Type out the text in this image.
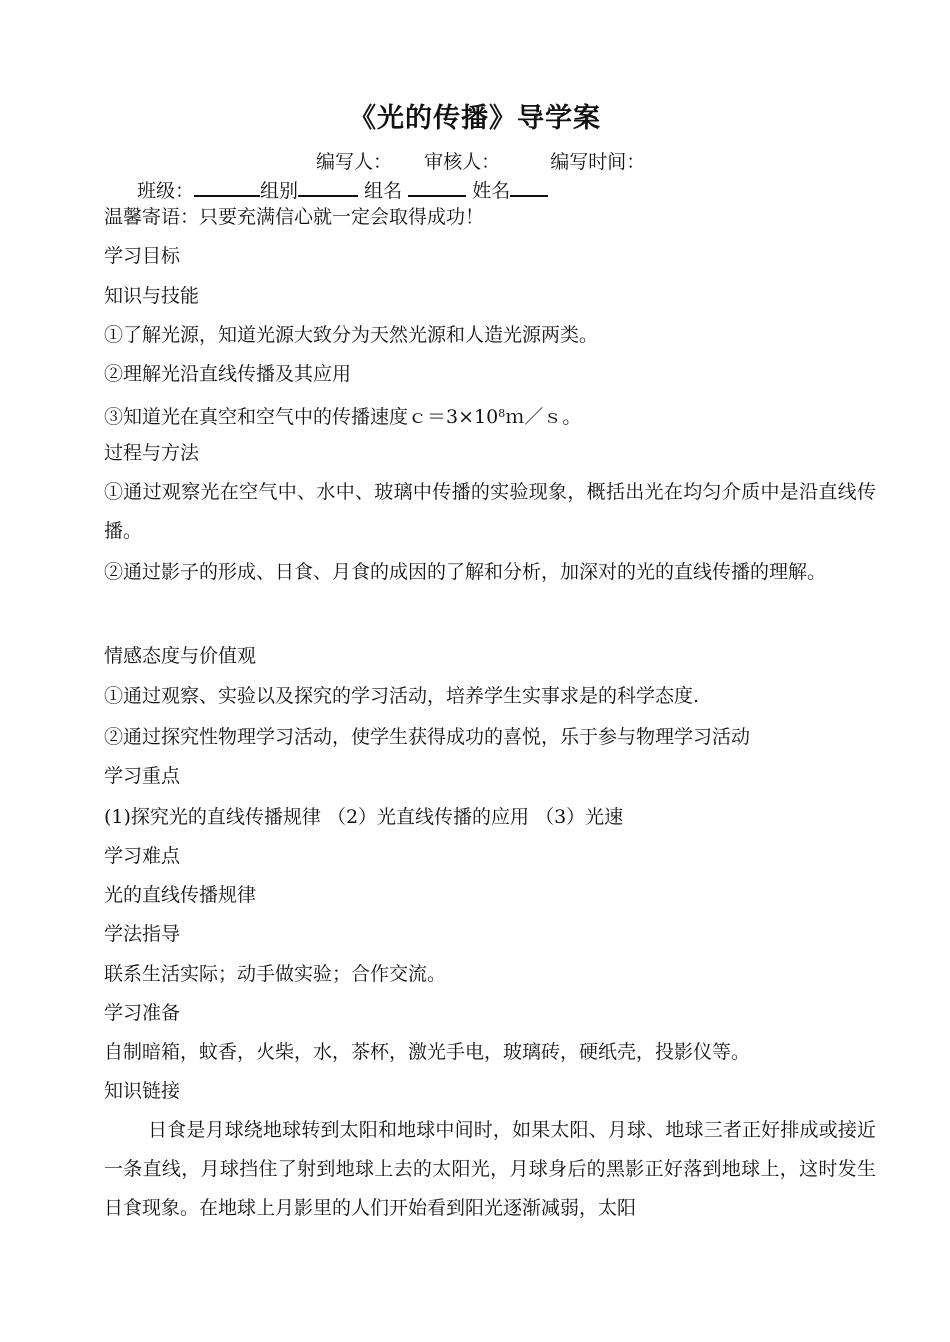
《光的传播》导学案
编写人： 审核人：	编写时间：
班级：	组别	组名	姓名
温馨寄语：只要充满信心就一定会取得成功！
学习目标
知识与技能
①了解光源，知道光源大致分为天然光源和人造光源两类。
②理解光沿直线传播及其应用
③知道光在真空和空气中的传播速度$c=3\times 10^8m/s$。
过程与方法
①通过观察光在空气中、水中、玻璃中传播的实验现象，概括出光在均匀介质中是沿直线传播。
②通过影子的形成、日食、月食的成因的了解和分析，加深对的光的直线传播的理解。
情感态度与价值观
①通过观察、实验以及探究的学习活动，培养学生实事求是的科学态度.
②通过探究性物理学习活动，使学生获得成功的喜悦，乐于参与物理学习活动
学习重点
(1)探究光的直线传播规律 （2）光直线传播的应用 （3）光速
学习难点
光的直线传播规律
学法指导
联系生活实际；动手做实验；合作交流。
学习准备
自制暗箱，蚊香，火柴，水，茶杯，激光手电，玻璃砖，硬纸壳，投影仪等。
知识链接
日食是月球绕地球转到太阳和地球中间时，如果太阳、月球、地球三者正好排成或接近一条直线，月球挡住了射到地球上去的太阳光，月球身后的黑影正好落到地球上，这时发生日食现象。在地球上月影里的人们开始看到阳光逐渐减弱，太阳
